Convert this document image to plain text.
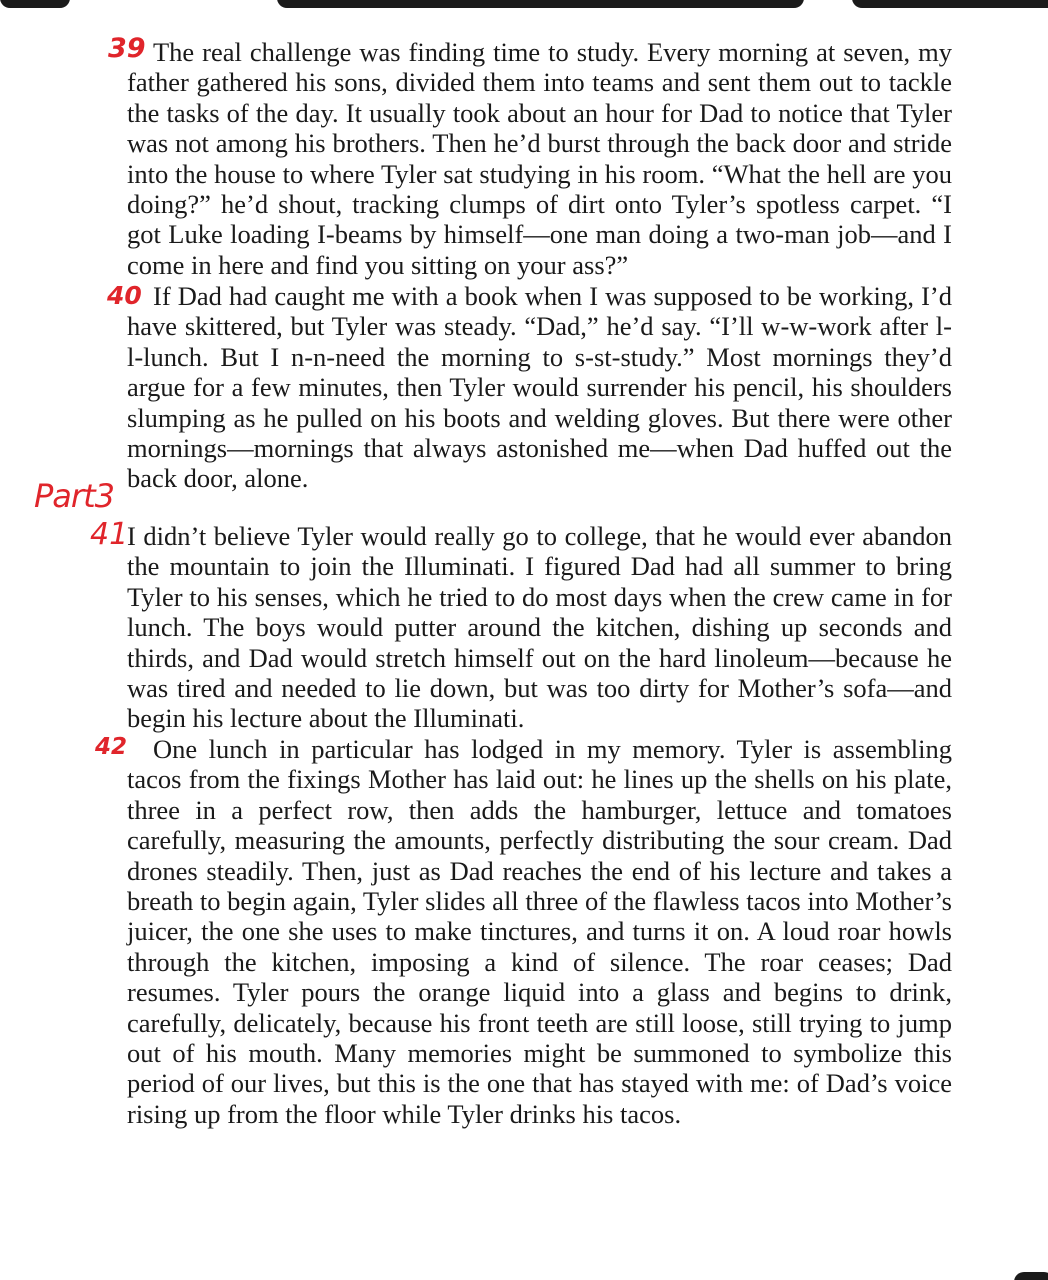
39 The real challenge was finding time to study. Every morning at seven, my father gathered his sons, divided them into teams and sent them out to tackle the tasks of the day. It usually took about an hour for Dad to notice that Tyler was not among his brothers. Then he’d burst through the back door and stride into the house to where Tyler sat studying in his room. “What the hell are you doing?” he’d shout, tracking clumps of dirt onto Tyler’s spotless carpet. “I got Luke loading I-beams by himself—one man doing a two-man job—and I come in here and find you sitting on your ass?”

40 If Dad had caught me with a book when I was supposed to be working, I’d have skittered, but Tyler was steady. “Dad,” he’d say. “I’ll w-w-work after l-l-lunch. But I n-n-need the morning to s-st-study.” Most mornings they’d argue for a few minutes, then Tyler would surrender his pencil, his shoulders slumping as he pulled on his boots and welding gloves. But there were other mornings—mornings that always astonished me—when Dad huffed out the back door, alone.

Part3
41

I didn’t believe Tyler would really go to college, that he would ever abandon the mountain to join the Illuminati. I figured Dad had all summer to bring Tyler to his senses, which he tried to do most days when the crew came in for lunch. The boys would putter around the kitchen, dishing up seconds and thirds, and Dad would stretch himself out on the hard linoleum—because he was tired and needed to lie down, but was too dirty for Mother’s sofa—and begin his lecture about the Illuminati.

42 One lunch in particular has lodged in my memory. Tyler is assembling tacos from the fixings Mother has laid out: he lines up the shells on his plate, three in a perfect row, then adds the hamburger, lettuce and tomatoes carefully, measuring the amounts, perfectly distributing the sour cream. Dad drones steadily. Then, just as Dad reaches the end of his lecture and takes a breath to begin again, Tyler slides all three of the flawless tacos into Mother’s juicer, the one she uses to make tinctures, and turns it on. A loud roar howls through the kitchen, imposing a kind of silence. The roar ceases; Dad resumes. Tyler pours the orange liquid into a glass and begins to drink, carefully, delicately, because his front teeth are still loose, still trying to jump out of his mouth. Many memories might be summoned to symbolize this period of our lives, but this is the one that has stayed with me: of Dad’s voice rising up from the floor while Tyler drinks his tacos.
